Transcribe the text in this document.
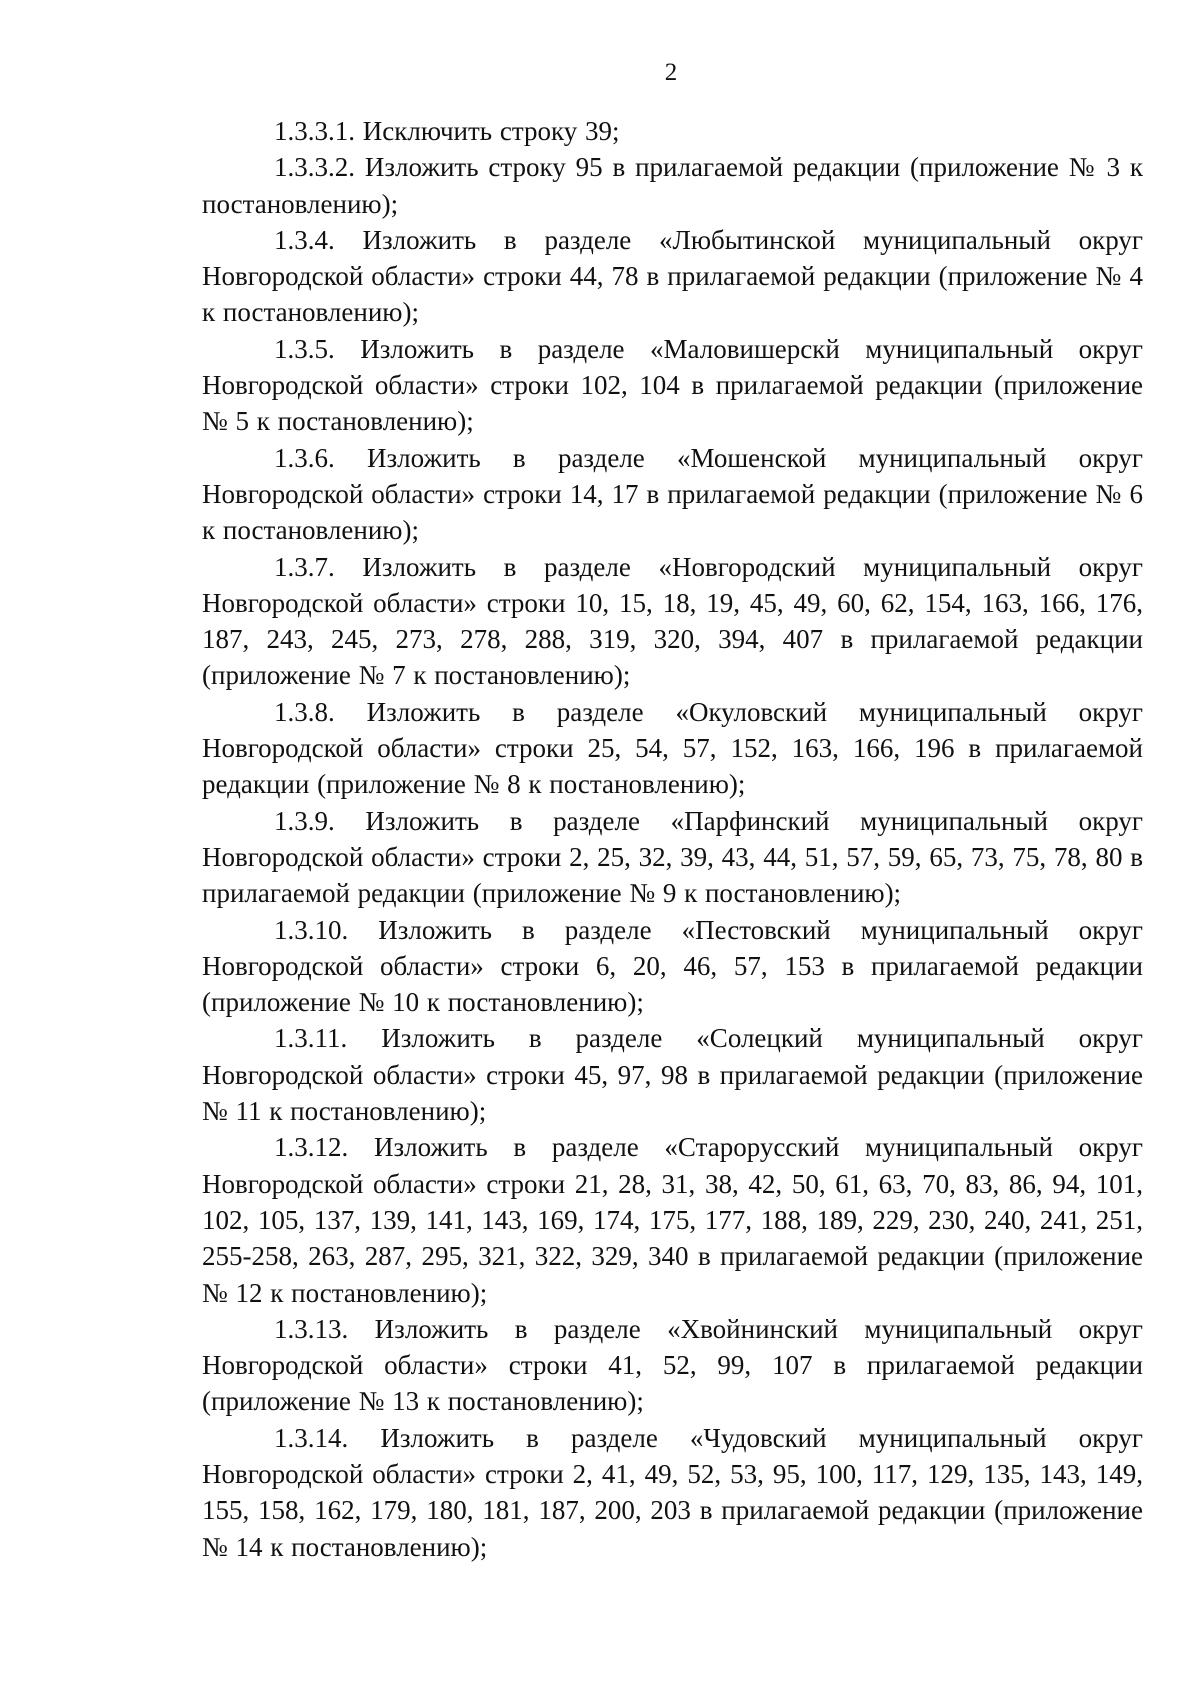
2

1.3.3.1. Исключить строку 39;

1.3.3.2. Изложить строку 95 в прилагаемой редакции (приложение № 3 к постановлению);

1.3.4. Изложить в разделе «Любытинской муниципальный округ Новгородской области» строки 44, 78 в прилагаемой редакции (приложение № 4 к постановлению);

1.3.5. Изложить в разделе «Маловишерскй муниципальный округ Новгородской области» строки 102, 104 в прилагаемой редакции (приложение № 5 к постановлению);

1.3.6. Изложить в разделе «Мошенской муниципальный округ Новгородской области» строки 14, 17 в прилагаемой редакции (приложение № 6 к постановлению);

1.3.7. Изложить в разделе «Новгородский муниципальный округ Новгородской области» строки 10, 15, 18, 19, 45, 49, 60, 62, 154, 163, 166, 176, 187, 243, 245, 273, 278, 288, 319, 320, 394, 407 в прилагаемой редакции (приложение № 7 к постановлению);

1.3.8. Изложить в разделе «Окуловский муниципальный округ Новгородской области» строки 25, 54, 57, 152, 163, 166, 196 в прилагаемой редакции (приложение № 8 к постановлению);

1.3.9. Изложить в разделе «Парфинский муниципальный округ Новгородской области» строки 2, 25, 32, 39, 43, 44, 51, 57, 59, 65, 73, 75, 78, 80 в прилагаемой редакции (приложение № 9 к постановлению);

1.3.10. Изложить в разделе «Пестовский муниципальный округ Новгородской области» строки 6, 20, 46, 57, 153 в прилагаемой редакции (приложение № 10 к постановлению);

1.3.11. Изложить в разделе «Солецкий муниципальный округ Новгородской области» строки 45, 97, 98 в прилагаемой редакции (приложение № 11 к постановлению);

1.3.12. Изложить в разделе «Старорусский муниципальный округ Новгородской области» строки 21, 28, 31, 38, 42, 50, 61, 63, 70, 83, 86, 94, 101, 102, 105, 137, 139, 141, 143, 169, 174, 175, 177, 188, 189, 229, 230, 240, 241, 251, 255-258, 263, 287, 295, 321, 322, 329, 340 в прилагаемой редакции (приложение № 12 к постановлению);

1.3.13. Изложить в разделе «Хвойнинский муниципальный округ Новгородской области» строки 41, 52, 99, 107 в прилагаемой редакции (приложение № 13 к постановлению);

1.3.14. Изложить в разделе «Чудовский муниципальный округ Новгородской области» строки 2, 41, 49, 52, 53, 95, 100, 117, 129, 135, 143, 149, 155, 158, 162, 179, 180, 181, 187, 200, 203 в прилагаемой редакции (приложение № 14 к постановлению);
